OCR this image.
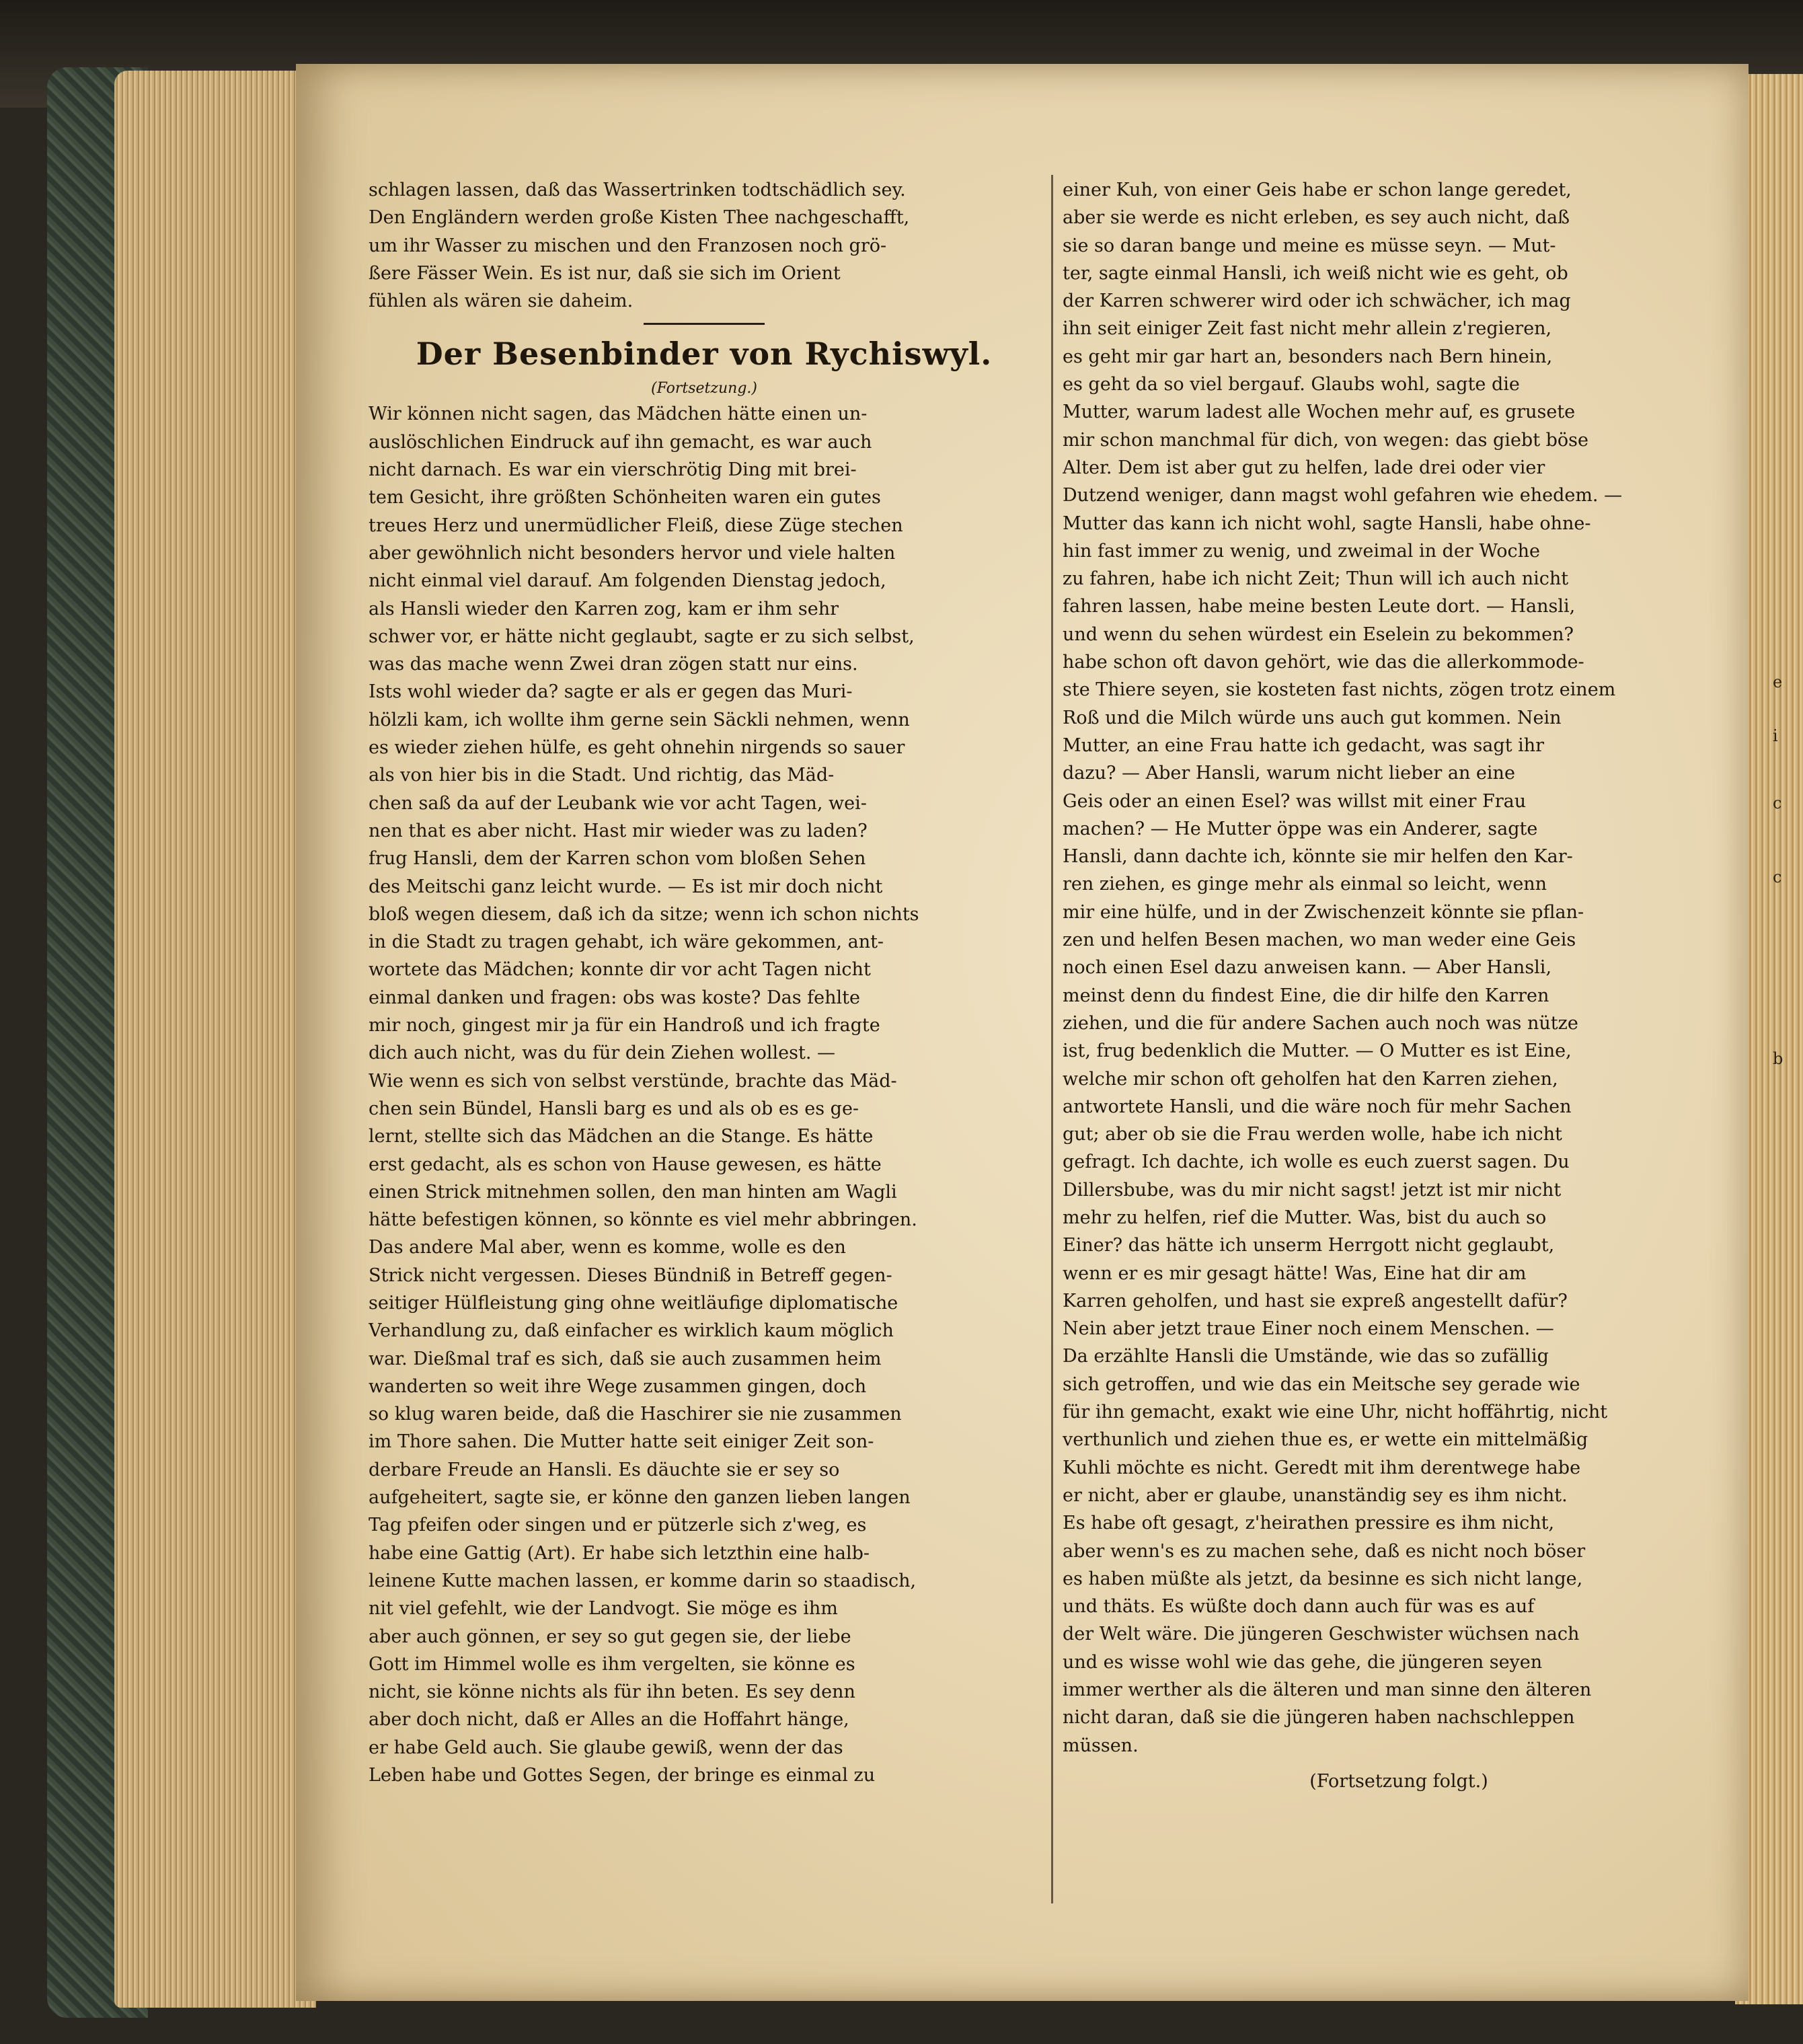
schlagen lassen, daß das Wassertrinken todtschädlich sey.
Den Engländern werden große Kisten Thee nachgeschafft,
um ihr Wasser zu mischen und den Franzosen noch grö-
ßere Fässer Wein. Es ist nur, daß sie sich im Orient
fühlen als wären sie daheim.
Der Besenbinder von Rychiswyl.
(Fortsetzung.)
Wir können nicht sagen, das Mädchen hätte einen un-
auslöschlichen Eindruck auf ihn gemacht, es war auch
nicht darnach. Es war ein vierschrötig Ding mit brei-
tem Gesicht, ihre größten Schönheiten waren ein gutes
treues Herz und unermüdlicher Fleiß, diese Züge stechen
aber gewöhnlich nicht besonders hervor und viele halten
nicht einmal viel darauf. Am folgenden Dienstag jedoch,
als Hansli wieder den Karren zog, kam er ihm sehr
schwer vor, er hätte nicht geglaubt, sagte er zu sich selbst,
was das mache wenn Zwei dran zögen statt nur eins.
Ists wohl wieder da? sagte er als er gegen das Muri-
hölzli kam, ich wollte ihm gerne sein Säckli nehmen, wenn
es wieder ziehen hülfe, es geht ohnehin nirgends so sauer
als von hier bis in die Stadt. Und richtig, das Mäd-
chen saß da auf der Leubank wie vor acht Tagen, wei-
nen that es aber nicht. Hast mir wieder was zu laden?
frug Hansli, dem der Karren schon vom bloßen Sehen
des Meitschi ganz leicht wurde. — Es ist mir doch nicht
bloß wegen diesem, daß ich da sitze; wenn ich schon nichts
in die Stadt zu tragen gehabt, ich wäre gekommen, ant-
wortete das Mädchen; konnte dir vor acht Tagen nicht
einmal danken und fragen: obs was koste? Das fehlte
mir noch, gingest mir ja für ein Handroß und ich fragte
dich auch nicht, was du für dein Ziehen wollest. —
Wie wenn es sich von selbst verstünde, brachte das Mäd-
chen sein Bündel, Hansli barg es und als ob es es ge-
lernt, stellte sich das Mädchen an die Stange. Es hätte
erst gedacht, als es schon von Hause gewesen, es hätte
einen Strick mitnehmen sollen, den man hinten am Wagli
hätte befestigen können, so könnte es viel mehr abbringen.
Das andere Mal aber, wenn es komme, wolle es den
Strick nicht vergessen. Dieses Bündniß in Betreff gegen-
seitiger Hülfleistung ging ohne weitläufige diplomatische
Verhandlung zu, daß einfacher es wirklich kaum möglich
war. Dießmal traf es sich, daß sie auch zusammen heim
wanderten so weit ihre Wege zusammen gingen, doch
so klug waren beide, daß die Haschirer sie nie zusammen
im Thore sahen. Die Mutter hatte seit einiger Zeit son-
derbare Freude an Hansli. Es däuchte sie er sey so
aufgeheitert, sagte sie, er könne den ganzen lieben langen
Tag pfeifen oder singen und er pützerle sich z'weg, es
habe eine Gattig (Art). Er habe sich letzthin eine halb-
leinene Kutte machen lassen, er komme darin so staadisch,
nit viel gefehlt, wie der Landvogt. Sie möge es ihm
aber auch gönnen, er sey so gut gegen sie, der liebe
Gott im Himmel wolle es ihm vergelten, sie könne es
nicht, sie könne nichts als für ihn beten. Es sey denn
aber doch nicht, daß er Alles an die Hoffahrt hänge,
er habe Geld auch. Sie glaube gewiß, wenn der das
Leben habe und Gottes Segen, der bringe es einmal zu
einer Kuh, von einer Geis habe er schon lange geredet,
aber sie werde es nicht erleben, es sey auch nicht, daß
sie so daran bange und meine es müsse seyn. — Mut-
ter, sagte einmal Hansli, ich weiß nicht wie es geht, ob
der Karren schwerer wird oder ich schwächer, ich mag
ihn seit einiger Zeit fast nicht mehr allein z'regieren,
es geht mir gar hart an, besonders nach Bern hinein,
es geht da so viel bergauf. Glaubs wohl, sagte die
Mutter, warum ladest alle Wochen mehr auf, es grusete
mir schon manchmal für dich, von wegen: das giebt böse
Alter. Dem ist aber gut zu helfen, lade drei oder vier
Dutzend weniger, dann magst wohl gefahren wie ehedem. —
Mutter das kann ich nicht wohl, sagte Hansli, habe ohne-
hin fast immer zu wenig, und zweimal in der Woche
zu fahren, habe ich nicht Zeit; Thun will ich auch nicht
fahren lassen, habe meine besten Leute dort. — Hansli,
und wenn du sehen würdest ein Eselein zu bekommen?
habe schon oft davon gehört, wie das die allerkommode-
ste Thiere seyen, sie kosteten fast nichts, zögen trotz einem
Roß und die Milch würde uns auch gut kommen. Nein
Mutter, an eine Frau hatte ich gedacht, was sagt ihr
dazu? — Aber Hansli, warum nicht lieber an eine
Geis oder an einen Esel? was willst mit einer Frau
machen? — He Mutter öppe was ein Anderer, sagte
Hansli, dann dachte ich, könnte sie mir helfen den Kar-
ren ziehen, es ginge mehr als einmal so leicht, wenn
mir eine hülfe, und in der Zwischenzeit könnte sie pflan-
zen und helfen Besen machen, wo man weder eine Geis
noch einen Esel dazu anweisen kann. — Aber Hansli,
meinst denn du findest Eine, die dir hilfe den Karren
ziehen, und die für andere Sachen auch noch was nütze
ist, frug bedenklich die Mutter. — O Mutter es ist Eine,
welche mir schon oft geholfen hat den Karren ziehen,
antwortete Hansli, und die wäre noch für mehr Sachen
gut; aber ob sie die Frau werden wolle, habe ich nicht
gefragt. Ich dachte, ich wolle es euch zuerst sagen. Du
Dillersbube, was du mir nicht sagst! jetzt ist mir nicht
mehr zu helfen, rief die Mutter. Was, bist du auch so
Einer? das hätte ich unserm Herrgott nicht geglaubt,
wenn er es mir gesagt hätte! Was, Eine hat dir am
Karren geholfen, und hast sie expreß angestellt dafür?
Nein aber jetzt traue Einer noch einem Menschen. —
Da erzählte Hansli die Umstände, wie das so zufällig
sich getroffen, und wie das ein Meitsche sey gerade wie
für ihn gemacht, exakt wie eine Uhr, nicht hoffährtig, nicht
verthunlich und ziehen thue es, er wette ein mittelmäßig
Kuhli möchte es nicht. Geredt mit ihm derentwege habe
er nicht, aber er glaube, unanständig sey es ihm nicht.
Es habe oft gesagt, z'heirathen pressire es ihm nicht,
aber wenn's es zu machen sehe, daß es nicht noch böser
es haben müßte als jetzt, da besinne es sich nicht lange,
und thäts. Es wüßte doch dann auch für was es auf
der Welt wäre. Die jüngeren Geschwister wüchsen nach
und es wisse wohl wie das gehe, die jüngeren seyen
immer werther als die älteren und man sinne den älteren
nicht daran, daß sie die jüngeren haben nachschleppen
müssen.
(Fortsetzung folgt.)
e
i
c
c
b
